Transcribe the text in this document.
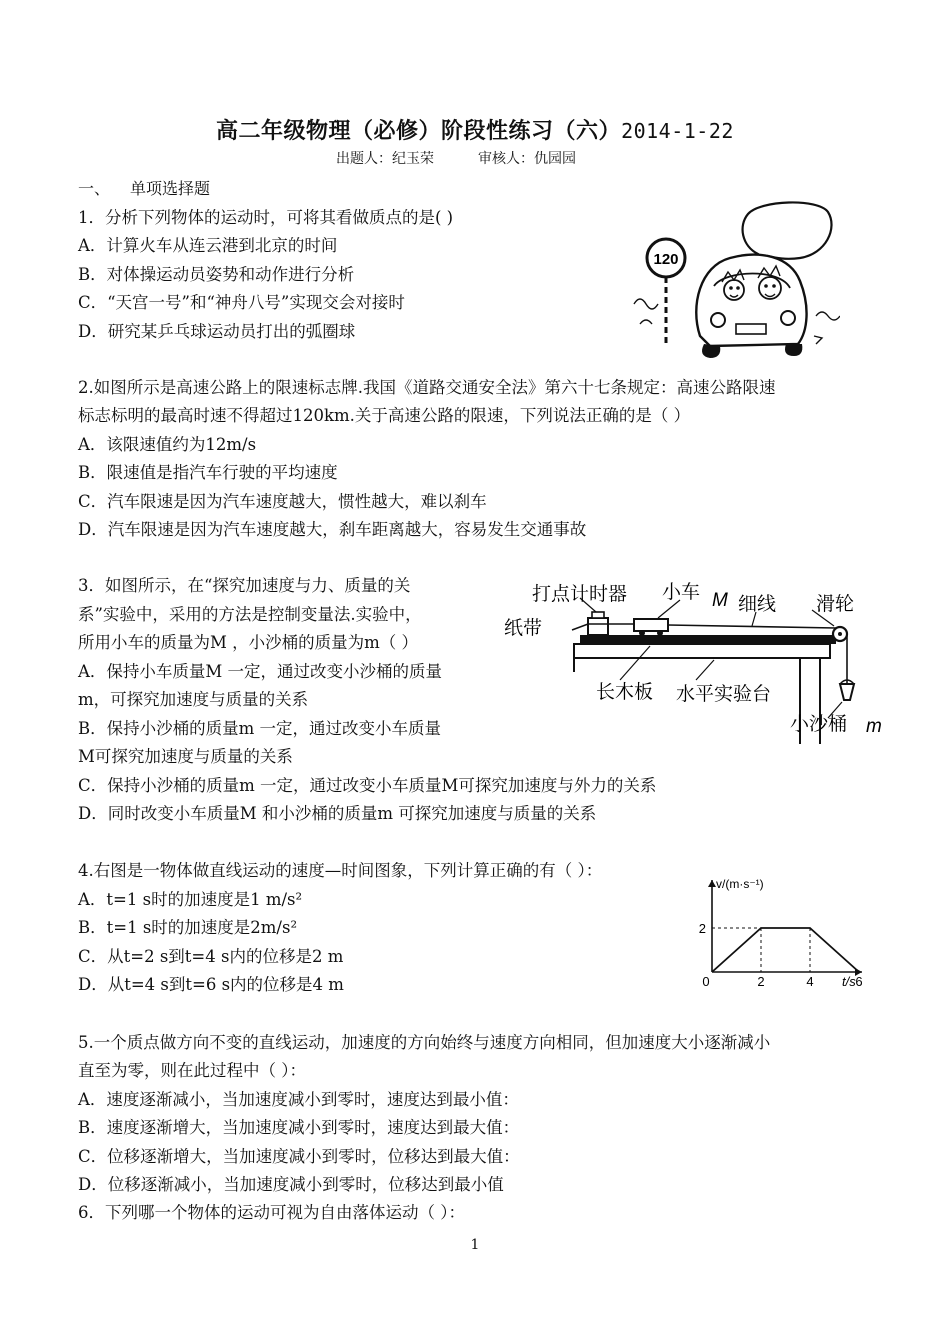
高二年级物理（必修）阶段性练习（六）2014-1-22
出题人：纪玉荣	审核人：仇园园
一、 单项选择题
1．分析下列物体的运动时，可将其看做质点的是( )
A．计算火车从连云港到北京的时间
B．对体操运动员姿势和动作进行分析
C．“天宫一号”和“神舟八号”实现交会对接时
D．研究某乒乓球运动员打出的弧圈球
120
2.如图所示是高速公路上的限速标志牌.我国《道路交通安全法》第六十七条规定：高速公路限速
标志标明的最高时速不得超过120km.关于高速公路的限速，下列说法正确的是（ ）
A．该限速值约为12m/s
B．限速值是指汽车行驶的平均速度
C．汽车限速是因为汽车速度越大，惯性越大，难以刹车
D．汽车限速是因为汽车速度越大，刹车距离越大，容易发生交通事故
3．如图所示，在“探究加速度与力、质量的关
系”实验中，采用的方法是控制变量法.实验中，
所用小车的质量为M ，小沙桶的质量为m（ ）
A．保持小车质量M 一定，通过改变小沙桶的质量
m，可探究加速度与质量的关系
B．保持小沙桶的质量m 一定，通过改变小车质量
M可探究加速度与质量的关系
C．保持小沙桶的质量m 一定，通过改变小车质量M可探究加速度与外力的关系
D．同时改变小车质量M 和小沙桶的质量m 可探究加速度与质量的关系
打点计时器 小车 M 细线 滑轮
纸带
长木板 水平实验台
小沙桶 m
4.右图是一物体做直线运动的速度—时间图象，下列计算正确的有（ ）：
A．t=1 s时的加速度是1 m/s²
B．t=1 s时的加速度是2m/s²
C．从t=2 s到t=4 s内的位移是2 m
D．从t=4 s到t=6 s内的位移是4 m
v/(m·s⁻¹)
t/s
0	2	4	6
2
5.一个质点做方向不变的直线运动，加速度的方向始终与速度方向相同，但加速度大小逐渐减小
直至为零，则在此过程中（ ）：
A．速度逐渐减小，当加速度减小到零时，速度达到最小值：
B．速度逐渐增大，当加速度减小到零时，速度达到最大值：
C．位移逐渐增大，当加速度减小到零时，位移达到最大值：
D．位移逐渐减小，当加速度减小到零时，位移达到最小值
6．下列哪一个物体的运动可视为自由落体运动（ ）：
1
